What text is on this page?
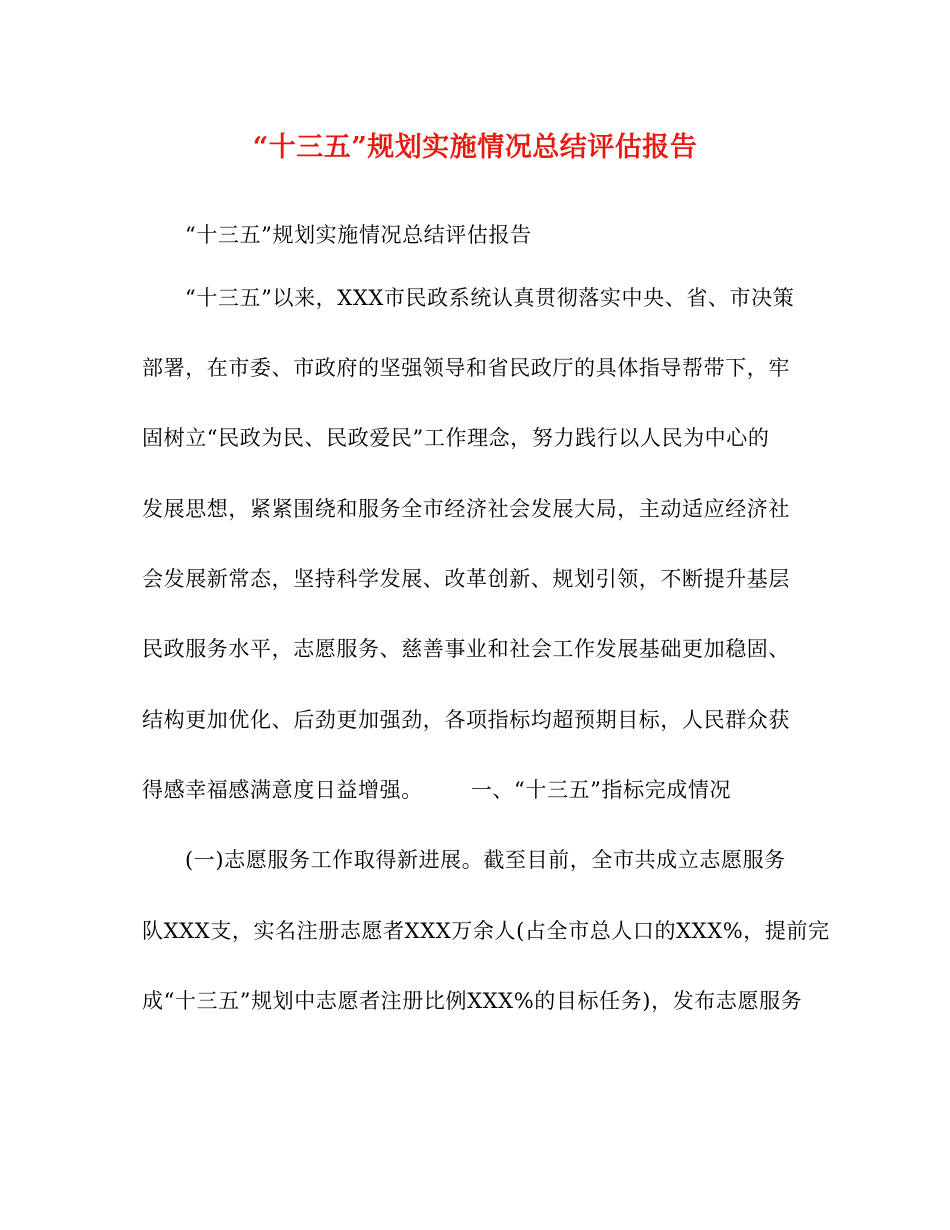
“十三五”规划实施情况总结评估报告
“十三五”规划实施情况总结评估报告
“十三五”以来，XXX市民政系统认真贯彻落实中央、省、市决策
部署，在市委、市政府的坚强领导和省民政厅的具体指导帮带下，牢
固树立“民政为民、民政爱民”工作理念，努力践行以人民为中心的
发展思想，紧紧围绕和服务全市经济社会发展大局，主动适应经济社
会发展新常态，坚持科学发展、改革创新、规划引领，不断提升基层
民政服务水平，志愿服务、慈善事业和社会工作发展基础更加稳固、
结构更加优化、后劲更加强劲，各项指标均超预期目标，人民群众获
得感幸福感满意度日益增强。 一、“十三五”指标完成情况
(一)志愿服务工作取得新进展。截至目前，全市共成立志愿服务
队XXX支，实名注册志愿者XXX万余人(占全市总人口的XXX%，提前完
成“十三五”规划中志愿者注册比例XXX%的目标任务)，发布志愿服务
